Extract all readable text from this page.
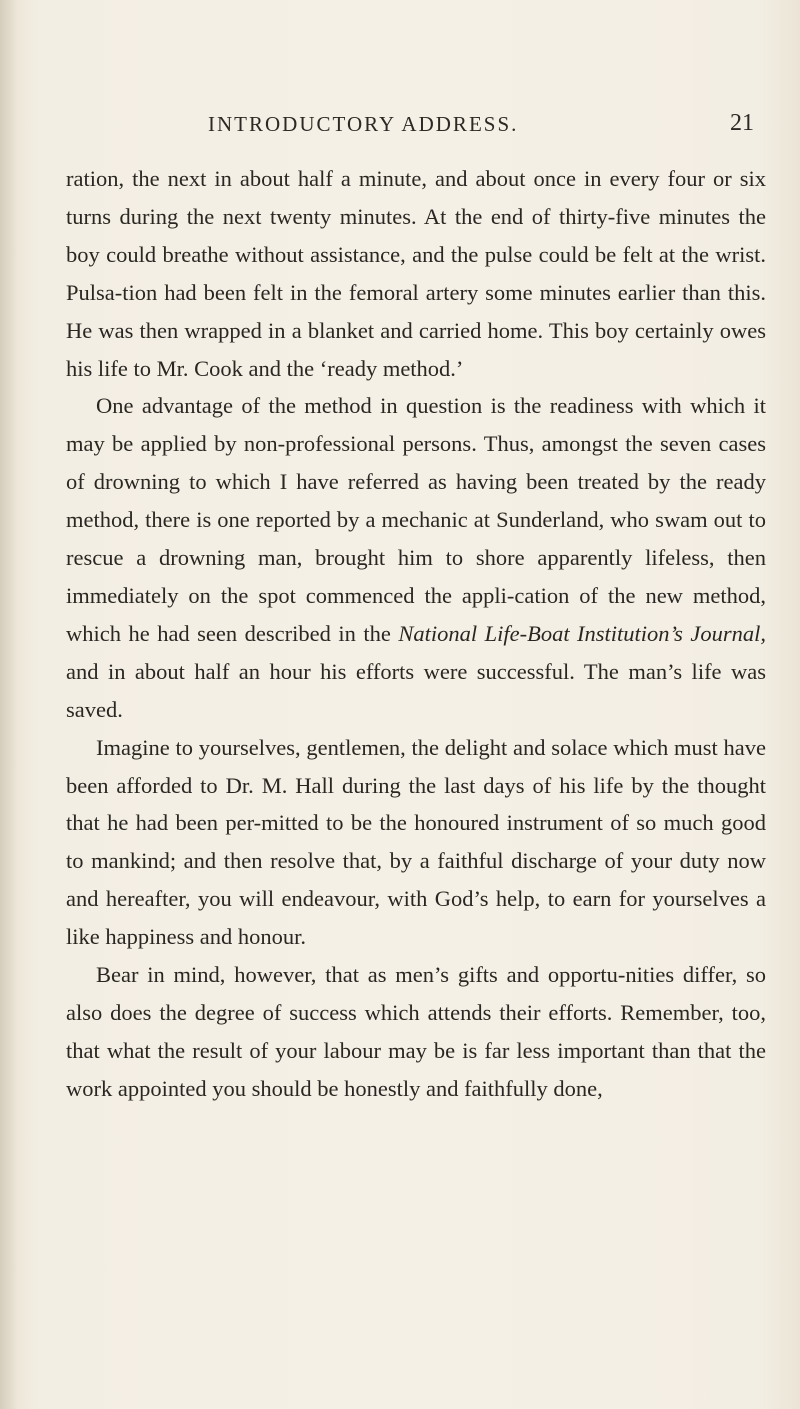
INTRODUCTORY ADDRESS.	21

ration, the next in about half a minute, and about once in every four or six turns during the next twenty minutes. At the end of thirty-five minutes the boy could breathe without assistance, and the pulse could be felt at the wrist. Pulsa-tion had been felt in the femoral artery some minutes earlier than this. He was then wrapped in a blanket and carried home. This boy certainly owes his life to Mr. Cook and the ‘ready method.’

One advantage of the method in question is the readiness with which it may be applied by non-professional persons. Thus, amongst the seven cases of drowning to which I have referred as having been treated by the ready method, there is one reported by a mechanic at Sunderland, who swam out to rescue a drowning man, brought him to shore apparently lifeless, then immediately on the spot commenced the appli-cation of the new method, which he had seen described in the National Life-Boat Institution’s Journal, and in about half an hour his efforts were successful. The man’s life was saved.

Imagine to yourselves, gentlemen, the delight and solace which must have been afforded to Dr. M. Hall during the last days of his life by the thought that he had been per-mitted to be the honoured instrument of so much good to mankind; and then resolve that, by a faithful discharge of your duty now and hereafter, you will endeavour, with God’s help, to earn for yourselves a like happiness and honour.

Bear in mind, however, that as men’s gifts and opportu-nities differ, so also does the degree of success which attends their efforts. Remember, too, that what the result of your labour may be is far less important than that the work appointed you should be honestly and faithfully done,
